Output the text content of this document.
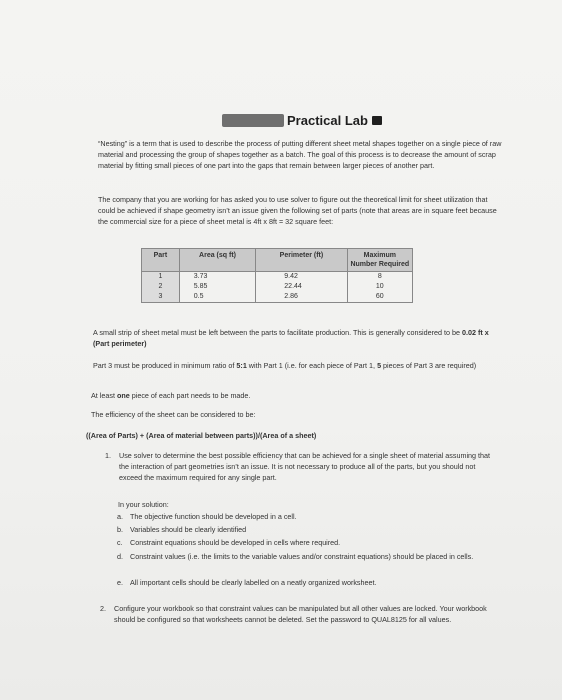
Practical Lab

“Nesting” is a term that is used to describe the process of putting different sheet metal shapes together on a single piece of raw material and processing the group of shapes together as a batch. The goal of this process is to decrease the amount of scrap material by fitting small pieces of one part into the gaps that remain between larger pieces of another part.

The company that you are working for has asked you to use solver to figure out the theoretical limit for sheet utilization that could be achieved if shape geometry isn’t an issue given the following set of parts (note that areas are in square feet because the commercial size for a piece of sheet metal is 4ft x 8ft = 32 square feet:

Part	Area (sq ft)	Perimeter (ft)	Maximum Number Required
1	3.73	9.42	8
2	5.85	22.44	10
3	0.5	2.86	60

A small strip of sheet metal must be left between the parts to facilitate production. This is generally considered to be 0.02 ft x (Part perimeter)

Part 3 must be produced in minimum ratio of 5:1 with Part 1 (i.e. for each piece of Part 1, 5 pieces of Part 3 are required)

At least one piece of each part needs to be made.

The efficiency of the sheet can be considered to be:

((Area of Parts) + (Area of material between parts))/(Area of a sheet)

1.	Use solver to determine the best possible efficiency that can be achieved for a single sheet of material assuming that the interaction of part geometries isn’t an issue. It is not necessary to produce all of the parts, but you should not exceed the maximum required for any single part.

In your solution:

a. The objective function should be developed in a cell.
b. Variables should be clearly identified
c.	Constraint equations should be developed in cells where required.
d. Constraint values (i.e. the limits to the variable values and/or constraint equations) should be placed in cells.
e. All important cells should be clearly labelled on a neatly organized worksheet.
2.	Configure your workbook so that constraint values can be manipulated but all other values are locked. Your workbook should be configured so that worksheets cannot be deleted. Set the password to QUAL8125 for all values.
